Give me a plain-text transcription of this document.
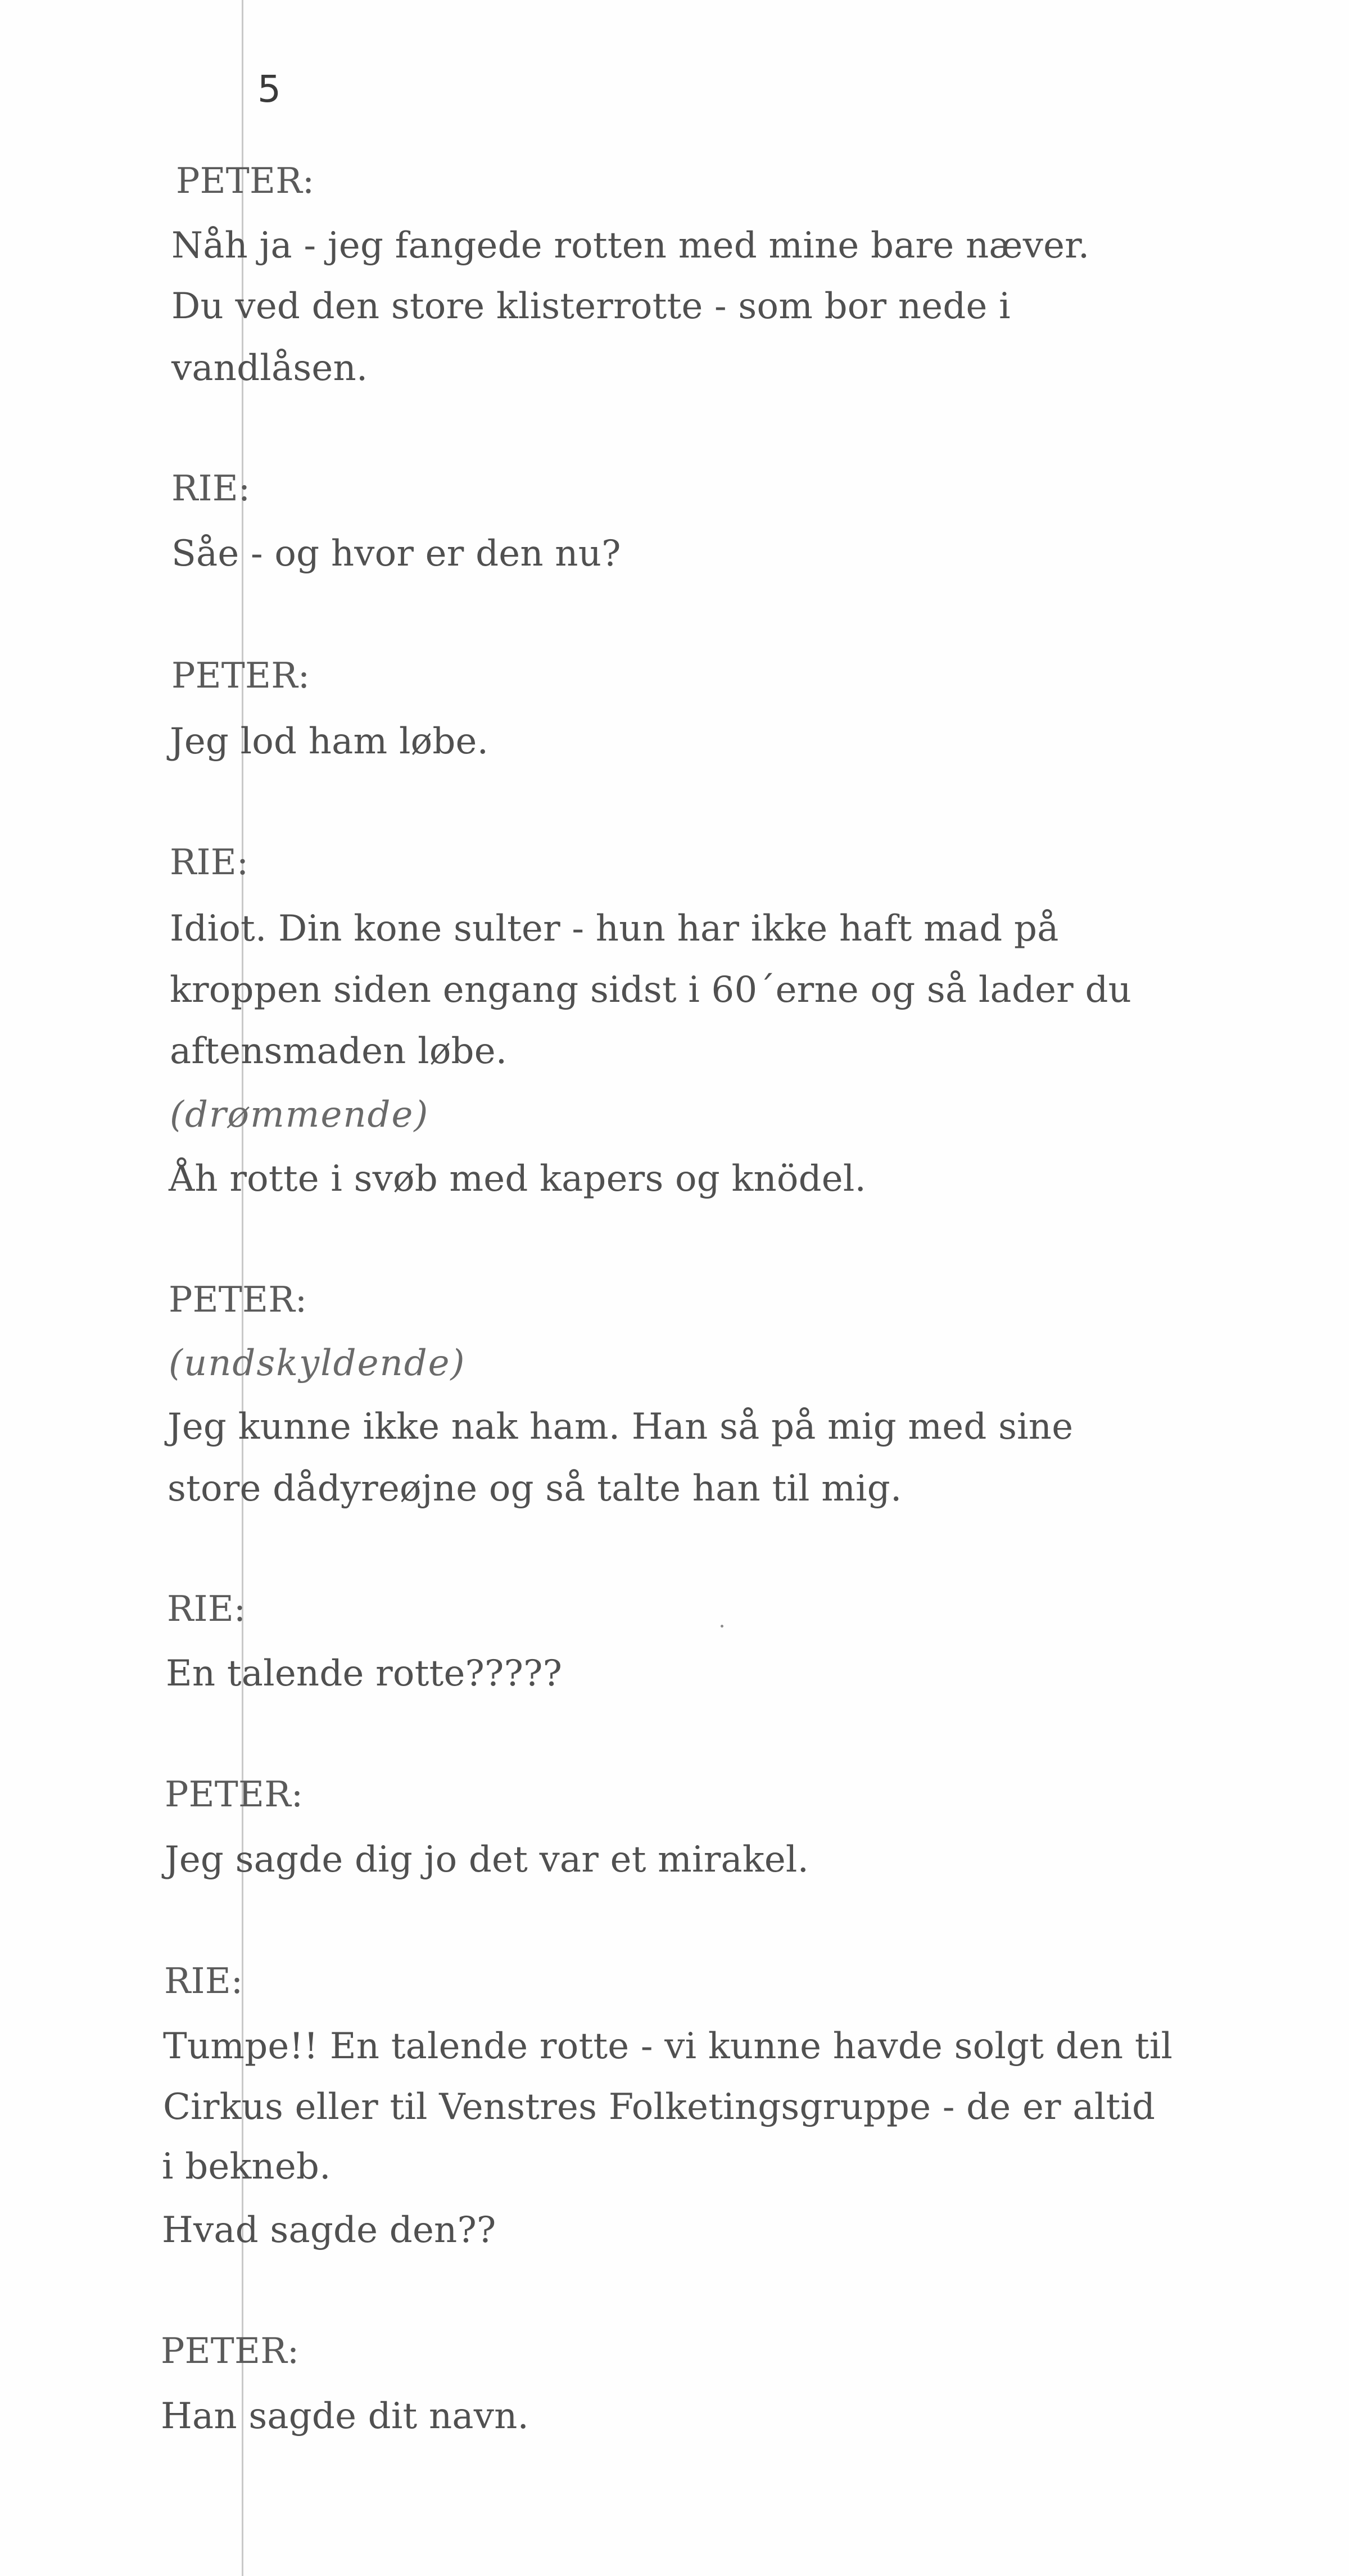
5
PETER:
Nåh ja - jeg fangede rotten med mine bare næver.
Du ved den store klisterrotte - som bor nede i
vandlåsen.
RIE:
Såe - og hvor er den nu?
PETER:
Jeg lod ham løbe.
RIE:
Idiot. Din kone sulter - hun har ikke haft mad på
kroppen siden engang sidst i 60´erne og så lader du
aftensmaden løbe.
(drømmende)
Åh rotte i svøb med kapers og knödel.
PETER:
(undskyldende)
Jeg kunne ikke nak ham. Han så på mig med sine
store dådyreøjne og så talte han til mig.
RIE:
En talende rotte?????
PETER:
Jeg sagde dig jo det var et mirakel.
RIE:
Tumpe!! En talende rotte - vi kunne havde solgt den til
Cirkus eller til Venstres Folketingsgruppe - de er altid
i bekneb.
Hvad sagde den??
PETER:
Han sagde dit navn.
